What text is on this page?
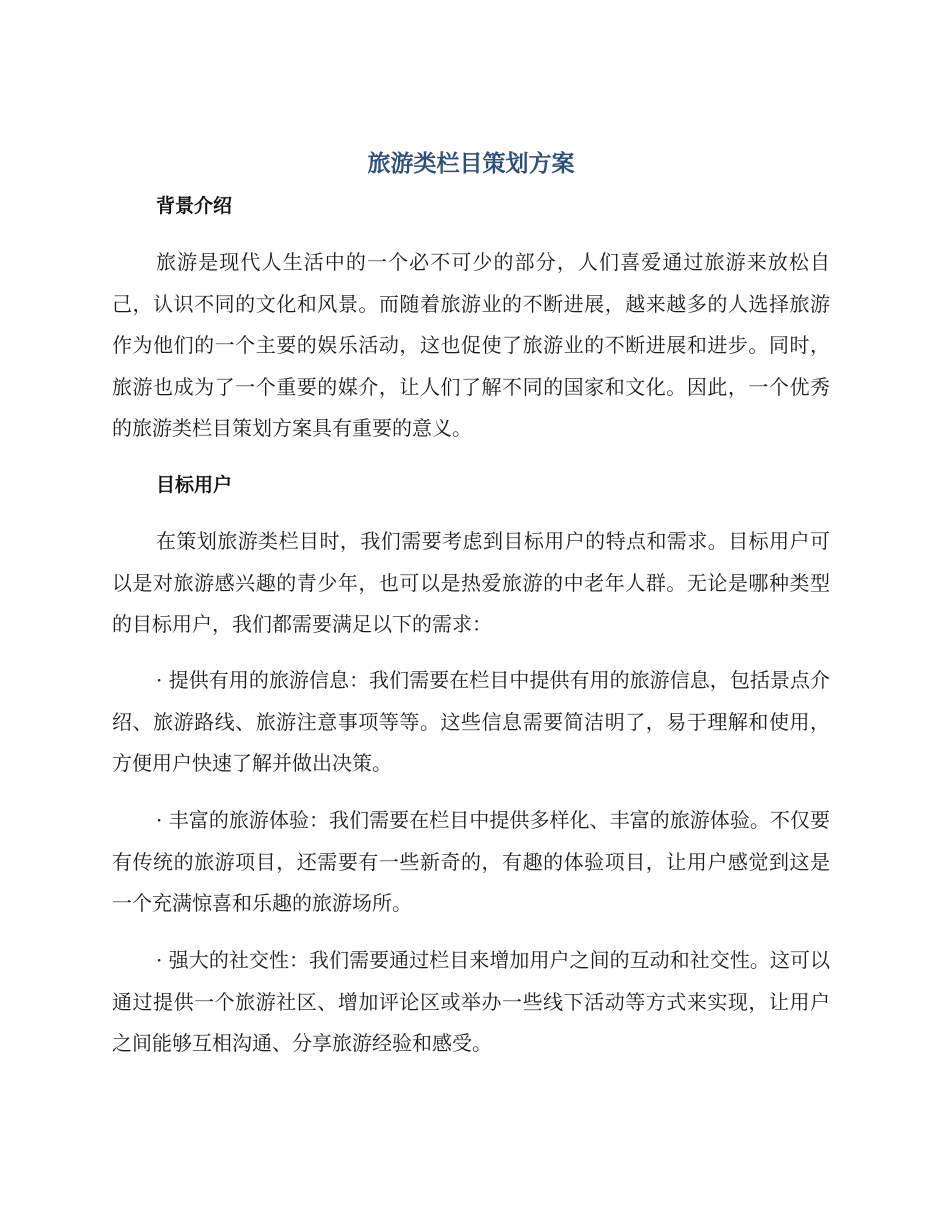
旅游类栏目策划方案
背景介绍

旅游是现代人生活中的一个必不可少的部分，人们喜爱通过旅游来放松自己，认识不同的文化和风景。而随着旅游业的不断进展，越来越多的人选择旅游作为他们的一个主要的娱乐活动，这也促使了旅游业的不断进展和进步。同时，旅游也成为了一个重要的媒介，让人们了解不同的国家和文化。因此，一个优秀的旅游类栏目策划方案具有重要的意义。

目标用户

在策划旅游类栏目时，我们需要考虑到目标用户的特点和需求。目标用户可以是对旅游感兴趣的青少年，也可以是热爱旅游的中老年人群。无论是哪种类型的目标用户，我们都需要满足以下的需求：

· 提供有用的旅游信息：我们需要在栏目中提供有用的旅游信息，包括景点介绍、旅游路线、旅游注意事项等等。这些信息需要简洁明了，易于理解和使用，方便用户快速了解并做出决策。

· 丰富的旅游体验：我们需要在栏目中提供多样化、丰富的旅游体验。不仅要有传统的旅游项目，还需要有一些新奇的，有趣的体验项目，让用户感觉到这是一个充满惊喜和乐趣的旅游场所。

· 强大的社交性：我们需要通过栏目来增加用户之间的互动和社交性。这可以通过提供一个旅游社区、增加评论区或举办一些线下活动等方式来实现，让用户之间能够互相沟通、分享旅游经验和感受。
